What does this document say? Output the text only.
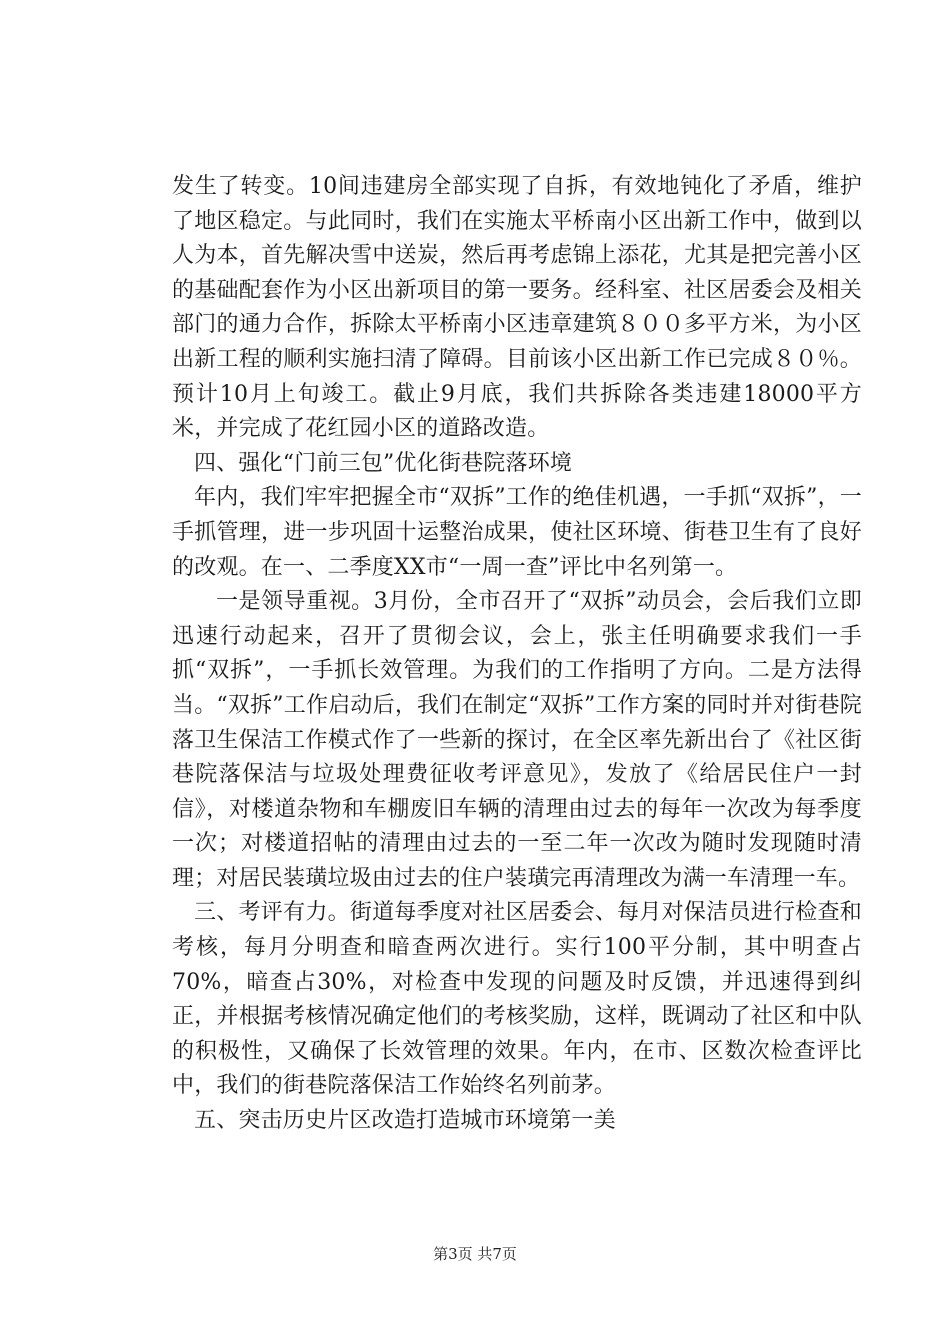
发生了转变。10间违建房全部实现了自拆，有效地钝化了矛盾，维护了地区稳定。与此同时，我们在实施太平桥南小区出新工作中，做到以人为本，首先解决雪中送炭，然后再考虑锦上添花，尤其是把完善小区的基础配套作为小区出新项目的第一要务。经科室、社区居委会及相关部门的通力合作，拆除太平桥南小区违章建筑８００多平方米，为小区出新工程的顺利实施扫清了障碍。目前该小区出新工作已完成８０％。预计10月上旬竣工。截止9月底，我们共拆除各类违建18000平方米，并完成了花红园小区的道路改造。

四、强化“门前三包”优化街巷院落环境

年内，我们牢牢把握全市“双拆”工作的绝佳机遇，一手抓“双拆”，一手抓管理，进一步巩固十运整治成果，使社区环境、街巷卫生有了良好的改观。在一、二季度XX市“一周一查”评比中名列第一。

一是领导重视。3月份，全市召开了“双拆”动员会，会后我们立即迅速行动起来，召开了贯彻会议，会上，张主任明确要求我们一手抓“双拆”，一手抓长效管理。为我们的工作指明了方向。二是方法得当。“双拆”工作启动后，我们在制定“双拆”工作方案的同时并对街巷院落卫生保洁工作模式作了一些新的探讨，在全区率先新出台了《社区街巷院落保洁与垃圾处理费征收考评意见》，发放了《给居民住户一封信》，对楼道杂物和车棚废旧车辆的清理由过去的每年一次改为每季度一次；对楼道招帖的清理由过去的一至二年一次改为随时发现随时清理；对居民装璜垃圾由过去的住户装璜完再清理改为满一车清理一车。

三、考评有力。街道每季度对社区居委会、每月对保洁员进行检查和考核，每月分明查和暗查两次进行。实行100平分制，其中明查占70%，暗查占30%，对检查中发现的问题及时反馈，并迅速得到纠正，并根据考核情况确定他们的考核奖励，这样，既调动了社区和中队的积极性，又确保了长效管理的效果。年内，在市、区数次检查评比中，我们的街巷院落保洁工作始终名列前茅。

五、突击历史片区改造打造城市环境第一美

第3页 共7页
